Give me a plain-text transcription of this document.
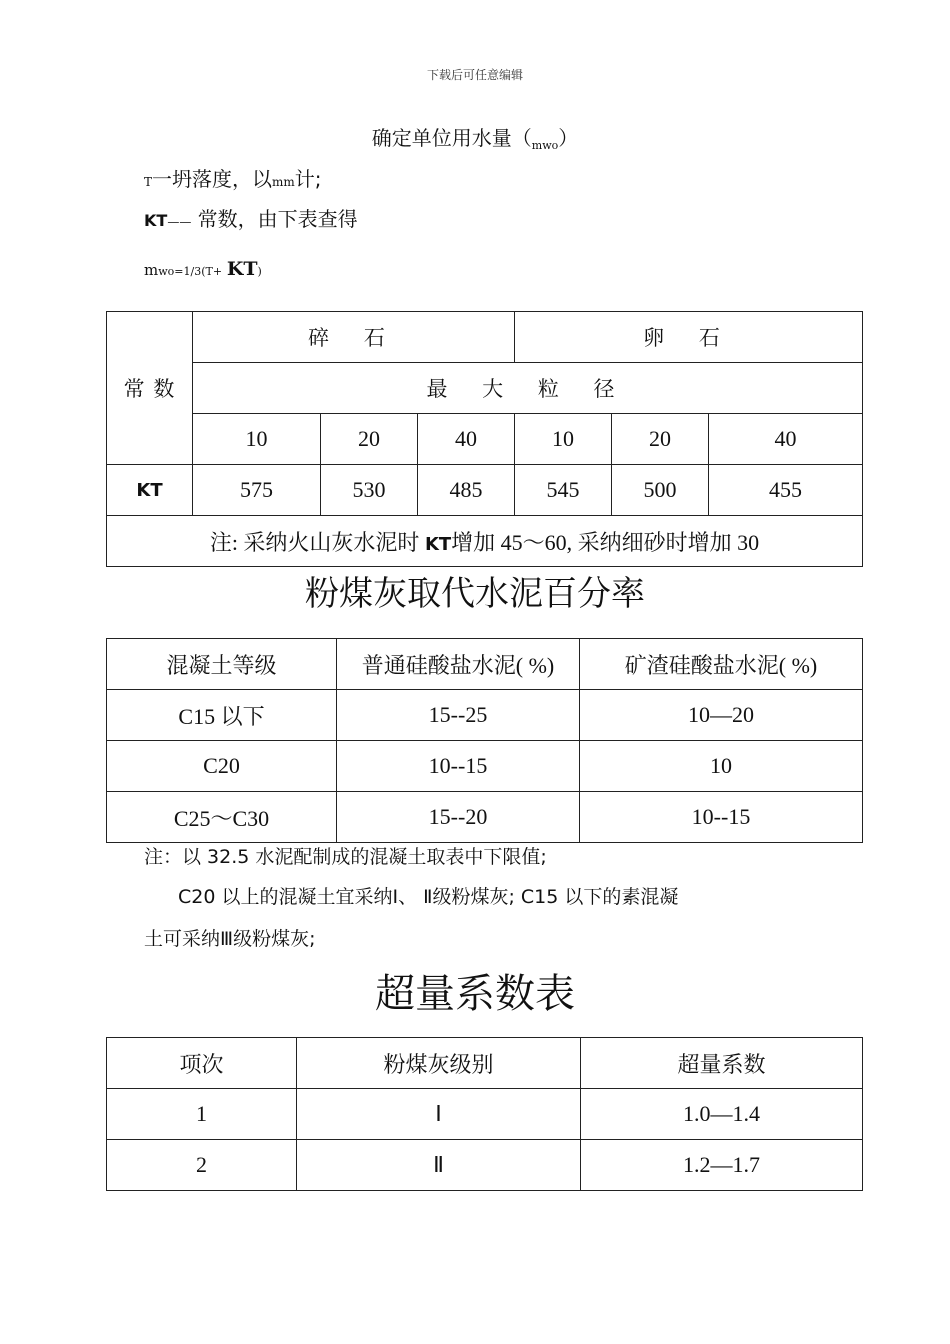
下载后可任意编辑
确定单位用水量$(_{mwo})$
T一坍落度，以mm计;
KT—— 常数，由下表查得
mwo=1/3(T+ KT)
常 数	碎 石			卵 石		
	最 大 粒 径					
	10	20	40	10	20	40
KT	575	530	485	545	500	455
注: 采纳火山灰水泥时 KT增加 45～60, 采纳细砂时增加 30						
粉煤灰取代水泥百分率
混凝土等级	普通硅酸盐水泥( %)	矿渣硅酸盐水泥( %)
C15 以下	15--25	10—20
C20	10--15	10
C25～C30	15--20	10--15
注：以 32.5 水泥配制成的混凝土取表中下限值;
C20 以上的混凝土宜采纳Ⅰ、 Ⅱ级粉煤灰; C15 以下的素混凝
土可采纳Ⅲ级粉煤灰;
超量系数表
项次	粉煤灰级别	超量系数
1	Ⅰ	1.0—1.4
2	Ⅱ	1.2—1.7
